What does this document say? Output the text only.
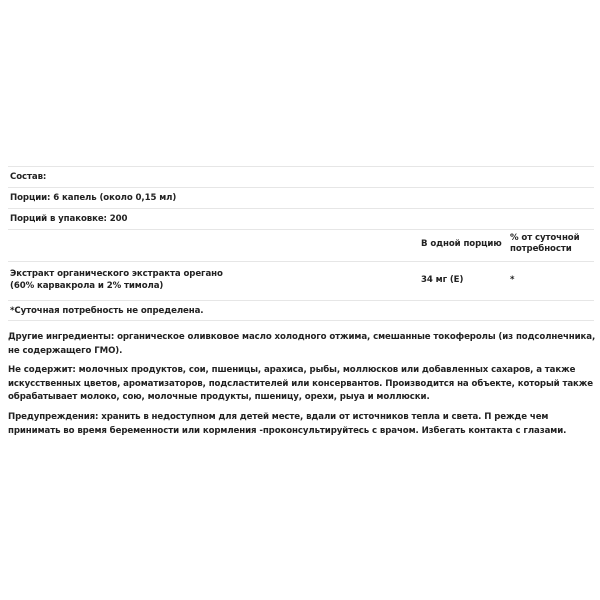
Состав:
Порции: 6 капель (около 0,15 мл)
Порций в упаковке: 200
В одной порцию
% от суточной
потребности
Экстракт органического экстракта орегано
(60% карвакрола и 2% тимола)
34 мг (Е)	*
*Суточная потребность не определена.
Другие ингредиенты: органическое оливковое масло холодного отжима, смешанные токоферолы (из подсолнечника, не содержащего ГМО).
Не содержит: молочных продуктов, сои, пшеницы, арахиса, рыбы, моллюсков или добавленных сахаров, а также искусственных цветов, ароматизаторов, подсластителей или консервантов. Производится на объекте, который также обрабатывает молоко, сою, молочные продукты, пшеницу, орехи, рыуа и моллюски.
Предупреждения: хранить в недоступном для детей месте, вдали от источников тепла и света. П режде чем принимать во время беременности или кормления -проконсультируйтесь с врачом. Избегать контакта с глазами.
